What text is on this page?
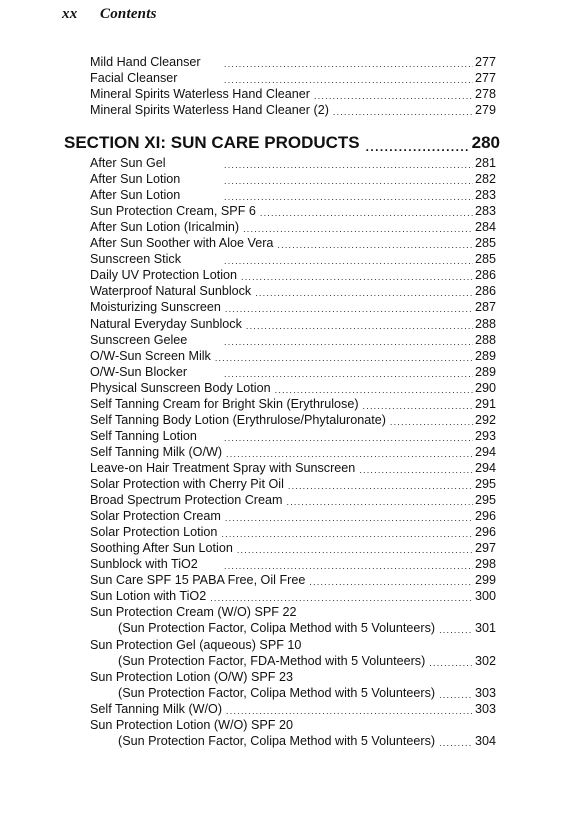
xx Contents
SECTION XI: SUN CARE PRODUCTS .....	280
Mild Hand Cleanser .....	277
Facial Cleanser .....	277
Mineral Spirits Waterless Hand Cleaner .....	278
Mineral Spirits Waterless Hand Cleaner (2) .....	279
After Sun Gel .....	281
After Sun Lotion .....	282
After Sun Lotion .....	283
Sun Protection Cream, SPF 6 .....	283
After Sun Lotion (Iricalmin) .....	284
After Sun Soother with Aloe Vera .....	285
Sunscreen Stick .....	285
Daily UV Protection Lotion .....	286
Waterproof Natural Sunblock .....	286
Moisturizing Sunscreen .....	287
Natural Everyday Sunblock .....	288
Sunscreen Gelee .....	288
O/W-Sun Screen Milk .....	289
O/W-Sun Blocker .....	289
Physical Sunscreen Body Lotion .....	290
Self Tanning Cream for Bright Skin (Erythrulose) .....	291
Self Tanning Body Lotion (Erythrulose/Phytaluronate) .....	292
Self Tanning Lotion .....	293
Self Tanning Milk (O/W) .....	294
Leave-on Hair Treatment Spray with Sunscreen .....	294
Solar Protection with Cherry Pit Oil .....	295
Broad Spectrum Protection Cream .....	295
Solar Protection Cream .....	296
Solar Protection Lotion .....	296
Soothing After Sun Lotion .....	297
Sunblock with TiO2 .....	298
Sun Care SPF 15 PABA Free, Oil Free .....	299
Sun Lotion with TiO2 .....	300
Sun Protection Cream (W/O) SPF 22
(Sun Protection Factor, Colipa Method with 5 Volunteers) .....	301
Sun Protection Gel (aqueous) SPF 10
(Sun Protection Factor, FDA-Method with 5 Volunteers) .....	302
Sun Protection Lotion (O/W) SPF 23
(Sun Protection Factor, Colipa Method with 5 Volunteers) .....	303
Self Tanning Milk (W/O) .....	303
Sun Protection Lotion (W/O) SPF 20
(Sun Protection Factor, Colipa Method with 5 Volunteers) .....	304
